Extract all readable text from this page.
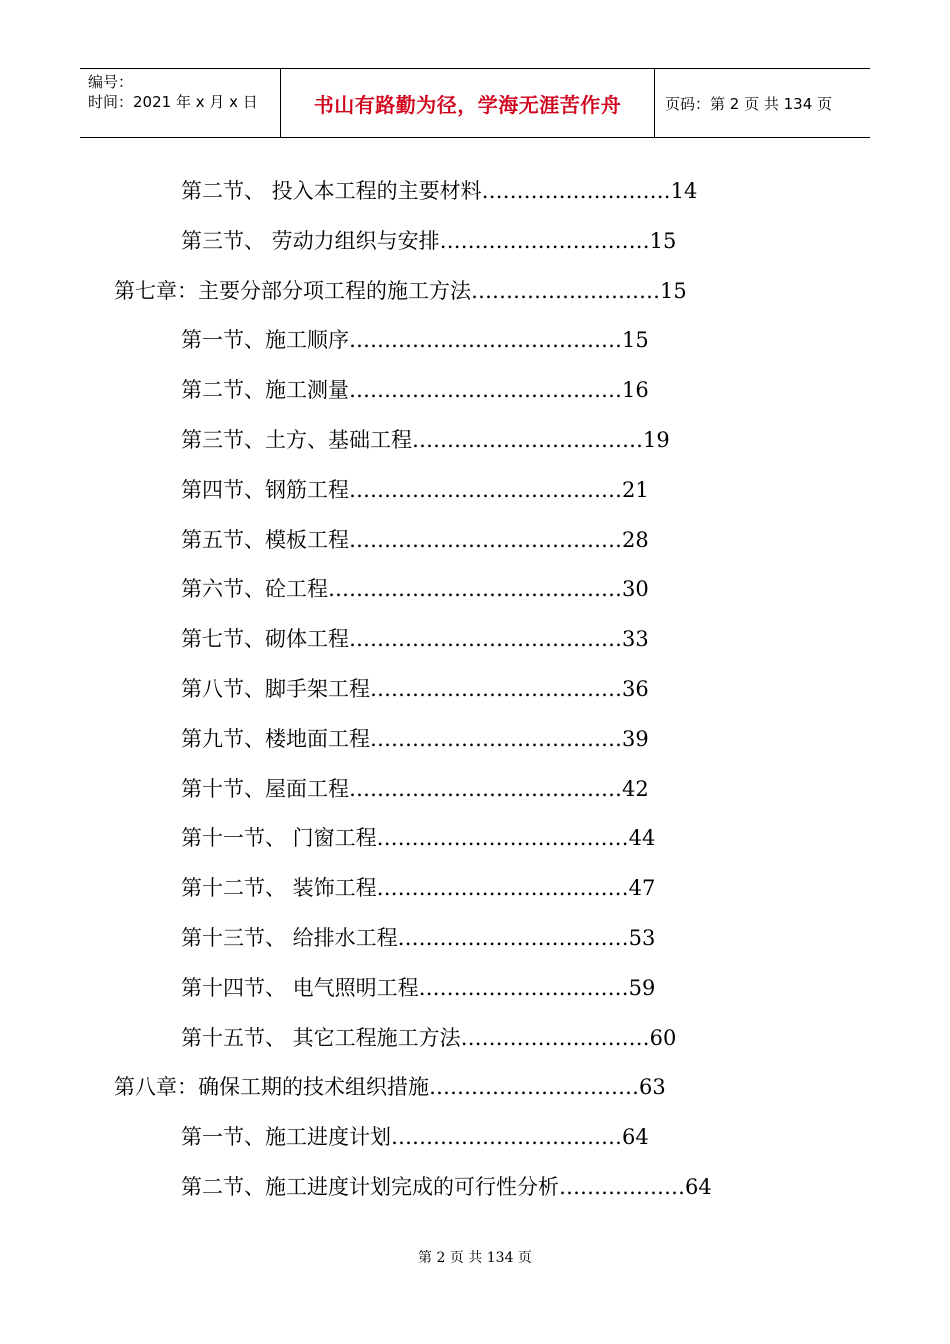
编号：
时间：2021 年 x 月 x 日	书山有路勤为径，学海无涯苦作舟	页码：第 2 页 共 134 页
第二节、 投入本工程的主要材料………………………14
第三节、 劳动力组织与安排…………………………15
第七章：主要分部分项工程的施工方法………………………15
第一节、施工顺序…………………………………15
第二节、施工测量…………………………………16
第三节、土方、基础工程……………………………19
第四节、钢筋工程…………………………………21
第五节、模板工程…………………………………28
第六节、砼工程……………………………………30
第七节、砌体工程…………………………………33
第八节、脚手架工程………………………………36
第九节、楼地面工程………………………………39
第十节、屋面工程…………………………………42
第十一节、 门窗工程………………………………44
第十二节、 装饰工程………………………………47
第十三节、 给排水工程……………………………53
第十四节、 电气照明工程…………………………59
第十五节、 其它工程施工方法………………………60
第八章：确保工期的技术组织措施…………………………63
第一节、施工进度计划……………………………64
第二节、施工进度计划完成的可行性分析………………64
第 2 页 共 134 页
